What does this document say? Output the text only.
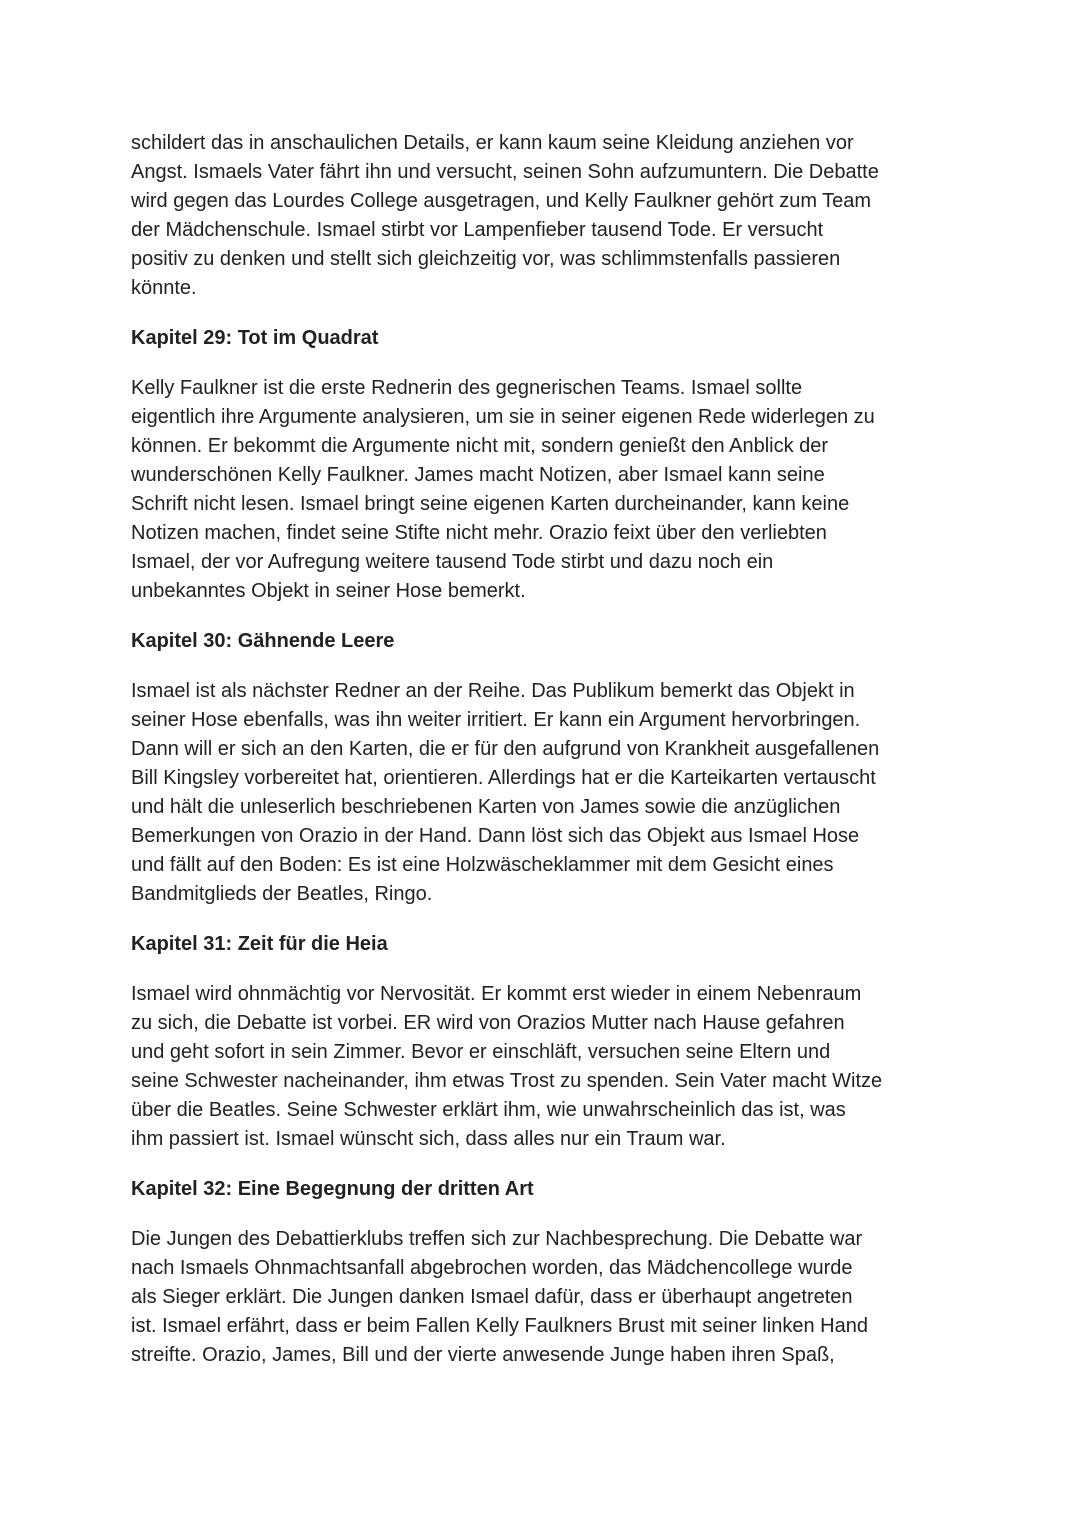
schildert das in anschaulichen Details, er kann kaum seine Kleidung anziehen vor
Angst. Ismaels Vater fährt ihn und versucht, seinen Sohn aufzumuntern. Die Debatte
wird gegen das Lourdes College ausgetragen, und Kelly Faulkner gehört zum Team
der Mädchenschule. Ismael stirbt vor Lampenfieber tausend Tode. Er versucht
positiv zu denken und stellt sich gleichzeitig vor, was schlimmstenfalls passieren
könnte.

Kapitel 29: Tot im Quadrat

Kelly Faulkner ist die erste Rednerin des gegnerischen Teams. Ismael sollte
eigentlich ihre Argumente analysieren, um sie in seiner eigenen Rede widerlegen zu
können. Er bekommt die Argumente nicht mit, sondern genießt den Anblick der
wunderschönen Kelly Faulkner. James macht Notizen, aber Ismael kann seine
Schrift nicht lesen. Ismael bringt seine eigenen Karten durcheinander, kann keine
Notizen machen, findet seine Stifte nicht mehr. Orazio feixt über den verliebten
Ismael, der vor Aufregung weitere tausend Tode stirbt und dazu noch ein
unbekanntes Objekt in seiner Hose bemerkt.

Kapitel 30: Gähnende Leere

Ismael ist als nächster Redner an der Reihe. Das Publikum bemerkt das Objekt in
seiner Hose ebenfalls, was ihn weiter irritiert. Er kann ein Argument hervorbringen.
Dann will er sich an den Karten, die er für den aufgrund von Krankheit ausgefallenen
Bill Kingsley vorbereitet hat, orientieren. Allerdings hat er die Karteikarten vertauscht
und hält die unleserlich beschriebenen Karten von James sowie die anzüglichen
Bemerkungen von Orazio in der Hand. Dann löst sich das Objekt aus Ismael Hose
und fällt auf den Boden: Es ist eine Holzwäscheklammer mit dem Gesicht eines
Bandmitglieds der Beatles, Ringo.

Kapitel 31: Zeit für die Heia

Ismael wird ohnmächtig vor Nervosität. Er kommt erst wieder in einem Nebenraum
zu sich, die Debatte ist vorbei. ER wird von Orazios Mutter nach Hause gefahren
und geht sofort in sein Zimmer. Bevor er einschläft, versuchen seine Eltern und
seine Schwester nacheinander, ihm etwas Trost zu spenden. Sein Vater macht Witze
über die Beatles. Seine Schwester erklärt ihm, wie unwahrscheinlich das ist, was
ihm passiert ist. Ismael wünscht sich, dass alles nur ein Traum war.

Kapitel 32: Eine Begegnung der dritten Art

Die Jungen des Debattierklubs treffen sich zur Nachbesprechung. Die Debatte war
nach Ismaels Ohnmachtsanfall abgebrochen worden, das Mädchencollege wurde
als Sieger erklärt. Die Jungen danken Ismael dafür, dass er überhaupt angetreten
ist. Ismael erfährt, dass er beim Fallen Kelly Faulkners Brust mit seiner linken Hand
streifte. Orazio, James, Bill und der vierte anwesende Junge haben ihren Spaß,
